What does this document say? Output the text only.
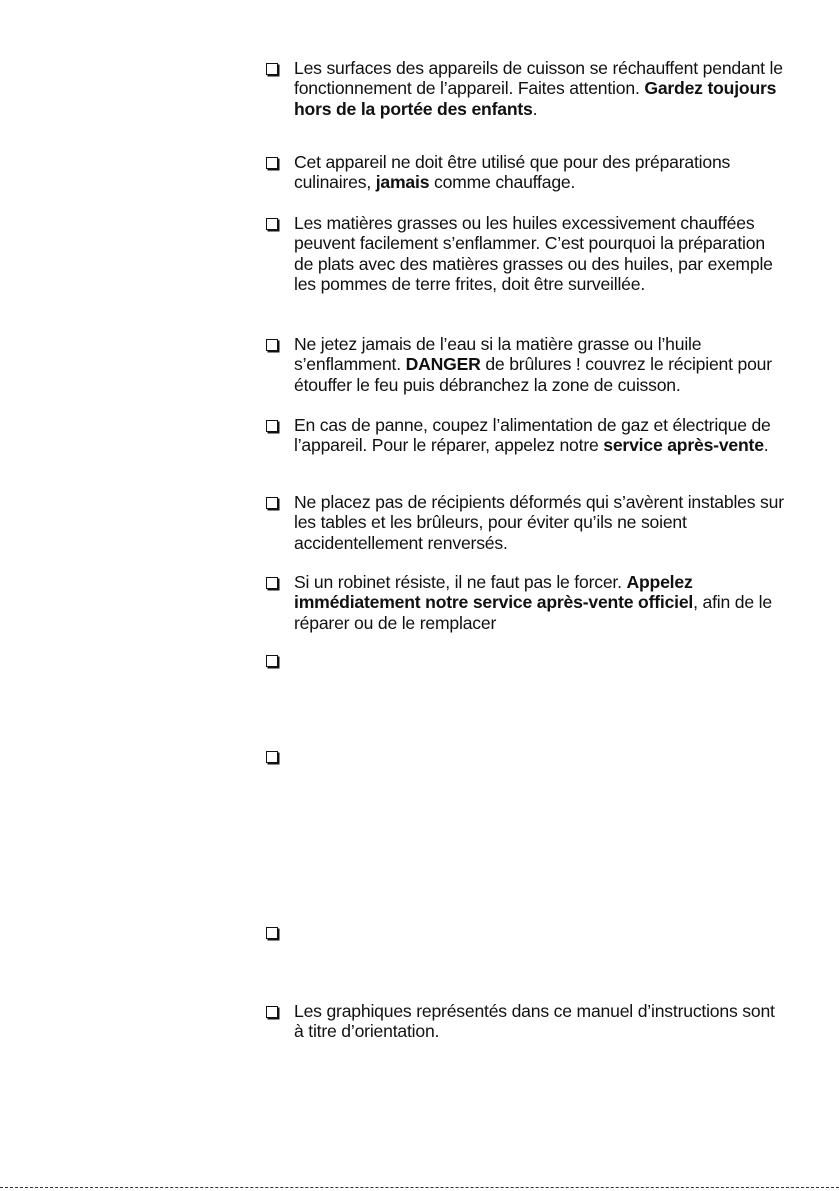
Les surfaces des appareils de cuisson se réchauffent pendant le fonctionnement de l’appareil. Faites attention. Gardez toujours hors de la portée des enfants.
Cet appareil ne doit être utilisé que pour des préparations culinaires, jamais comme chauffage.
Les matières grasses ou les huiles excessivement chauffées peuvent facilement s’enflammer. C’est pourquoi la préparation de plats avec des matières grasses ou des huiles, par exemple les pommes de terre frites, doit être surveillée.
Ne jetez jamais de l’eau si la matière grasse ou l’huile s’enflamment. DANGER de brûlures ! couvrez le récipient pour étouffer le feu puis débranchez la zone de cuisson.
En cas de panne, coupez l’alimentation de gaz et électrique de l’appareil. Pour le réparer, appelez notre service après-vente.
Ne placez pas de récipients déformés qui s’avèrent instables sur les tables et les brûleurs, pour éviter qu’ils ne soient accidentellement renversés.
Si un robinet résiste, il ne faut pas le forcer. Appelez immédiatement notre service après-vente officiel, afin de le réparer ou de le remplacer
Les graphiques représentés dans ce manuel d’instructions sont à titre d’orientation.
